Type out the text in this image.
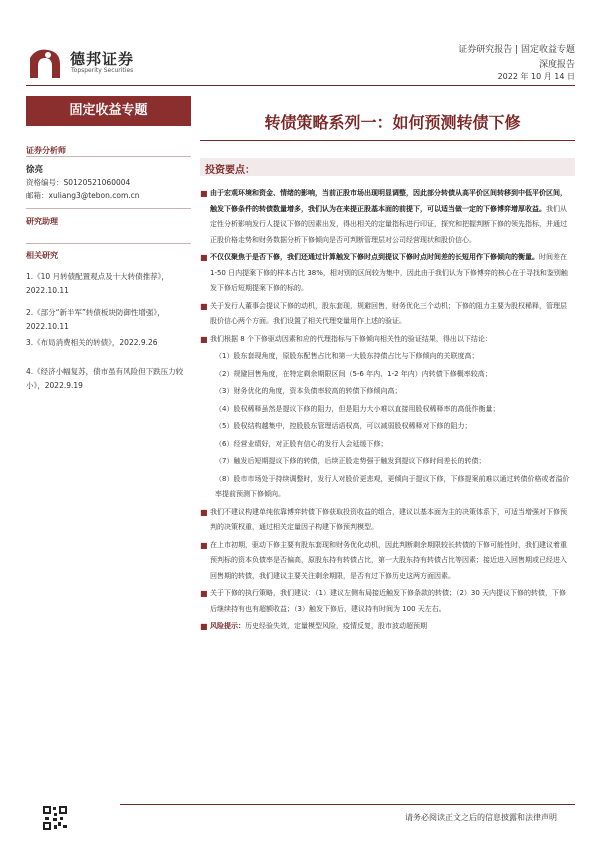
德邦证券
Topsperity Securities
证券研究报告 | 固定收益专题
深度报告
2022 年 10 月 14 日
固定收益专题
证券分析师
徐亮
资格编号：S0120521060004
邮箱：xuliang3@tebon.com.cn
研究助理
相关研究
1.《10 月转债配置观点及十大转债推荐》，2022.10.11
2.《部分“新半军”转债板块防御性增强》，2022.10.11
3.《布局消费相关的转债》，2022.9.26
4.《经济小幅复苏，债市虽有风险但下跌压力较小》，2022.9.19
转债策略系列一：如何预测转债下修
投资要点：

■ 由于宏观环境和资金、情绪的影响，当前正股市场出现明显调整，因此部分转债从高平价区间转移到中低平价区间，触发下修条件的转债数量增多，我们认为在来提正股基本面的前提下，可以适当做一定的下修博弈增厚收益。我们从定性分析影响发行人提议下修的因素出发，得出相关的定量指标进行印证，探究和把握判断下修的领先指标，并通过正股价格走势和财务数据分析下修倾向是否可判断管理层对公司经营现状和股价信心。

■ 不仅仅聚焦于是否下修，我们还通过计算触发下修时点到提议下修时点时间差的长短用作下修倾向的衡量。时间差在 1-50 日内提案下修的样本占比 38%，相对别的区间较为集中，因此由于我们认为下修博弈的核心在于寻找和鉴别触发下修后短期提案下修的标的。

■ 关于发行人董事会提议下修的动机，股东套现，规避回售，财务优化三个动机；下修的阻力主要为股权稀释，管理层股价信心两个方面。我们设置了相关代理变量用作上述的验证。

■ 我们根据 8 个下修驱动因素和应的代理指标与下修倾向相关性的验证结果，得出以下结论：

（1）股东套现角度，原股东配售占比和第一大股东持债占比与下修倾向的关联度高；

（2）规避回售角度，在特定剩余期限区间（5-6 年内、1-2 年内）内转债下修概率较高；

（3）财务优化的角度，资本负债率较高的转债下修倾向高；

（4）股权稀释虽然是提议下修的阻力，但是阻力大小难以直接用股权稀释率的高低作衡量；

（5）股权结构越集中，控股股东管理话语权高，可以减弱股权稀释对下修的阻力；

（6）经营业绩好，对正股有信心的发行人会延缓下修；

（7）触发后短期提议下修的转债，后续正股走势强于触发到提议下修时间差长的转债；

（8）股市市场处于持续调整时，发行人对股价更悲观，更倾向于提议下修，下修提案前难以通过转债价格或者溢价率提前预测下修倾向。

■ 我们不建议构建单纯依靠博弈转债下修获取投资收益的组合，建议以基本面为主的决策体系下，可适当增强对下修预判的决策权重，通过相关定量因子构建下修预判模型。

■ 在上市初期，驱动下修主要有股东套现和财务优化动机，因此判断剩余期限较长转债的下修可能性时，我们建议着重预判标的资本负债率是否偏高，原股东持有转债占比，第一大股东持有转债占比等因素；接近进入回售期或已经进入回售期的转债，我们建议主要关注剩余期限，是否有过下修历史这两方面因素。

■ 关于下修的执行策略，我们建议：（1）建议左侧布局接近触发下修条款的转债；（2）30 天内提议下修的转债，下修后继续持有也有超额收益；（3）触发下修后，建议持有时间为 100 天左右。

■ 风险提示：历史经验失效，定量模型风险，疫情反复，股市波动超预期

请务必阅读正文之后的信息披露和法律声明
